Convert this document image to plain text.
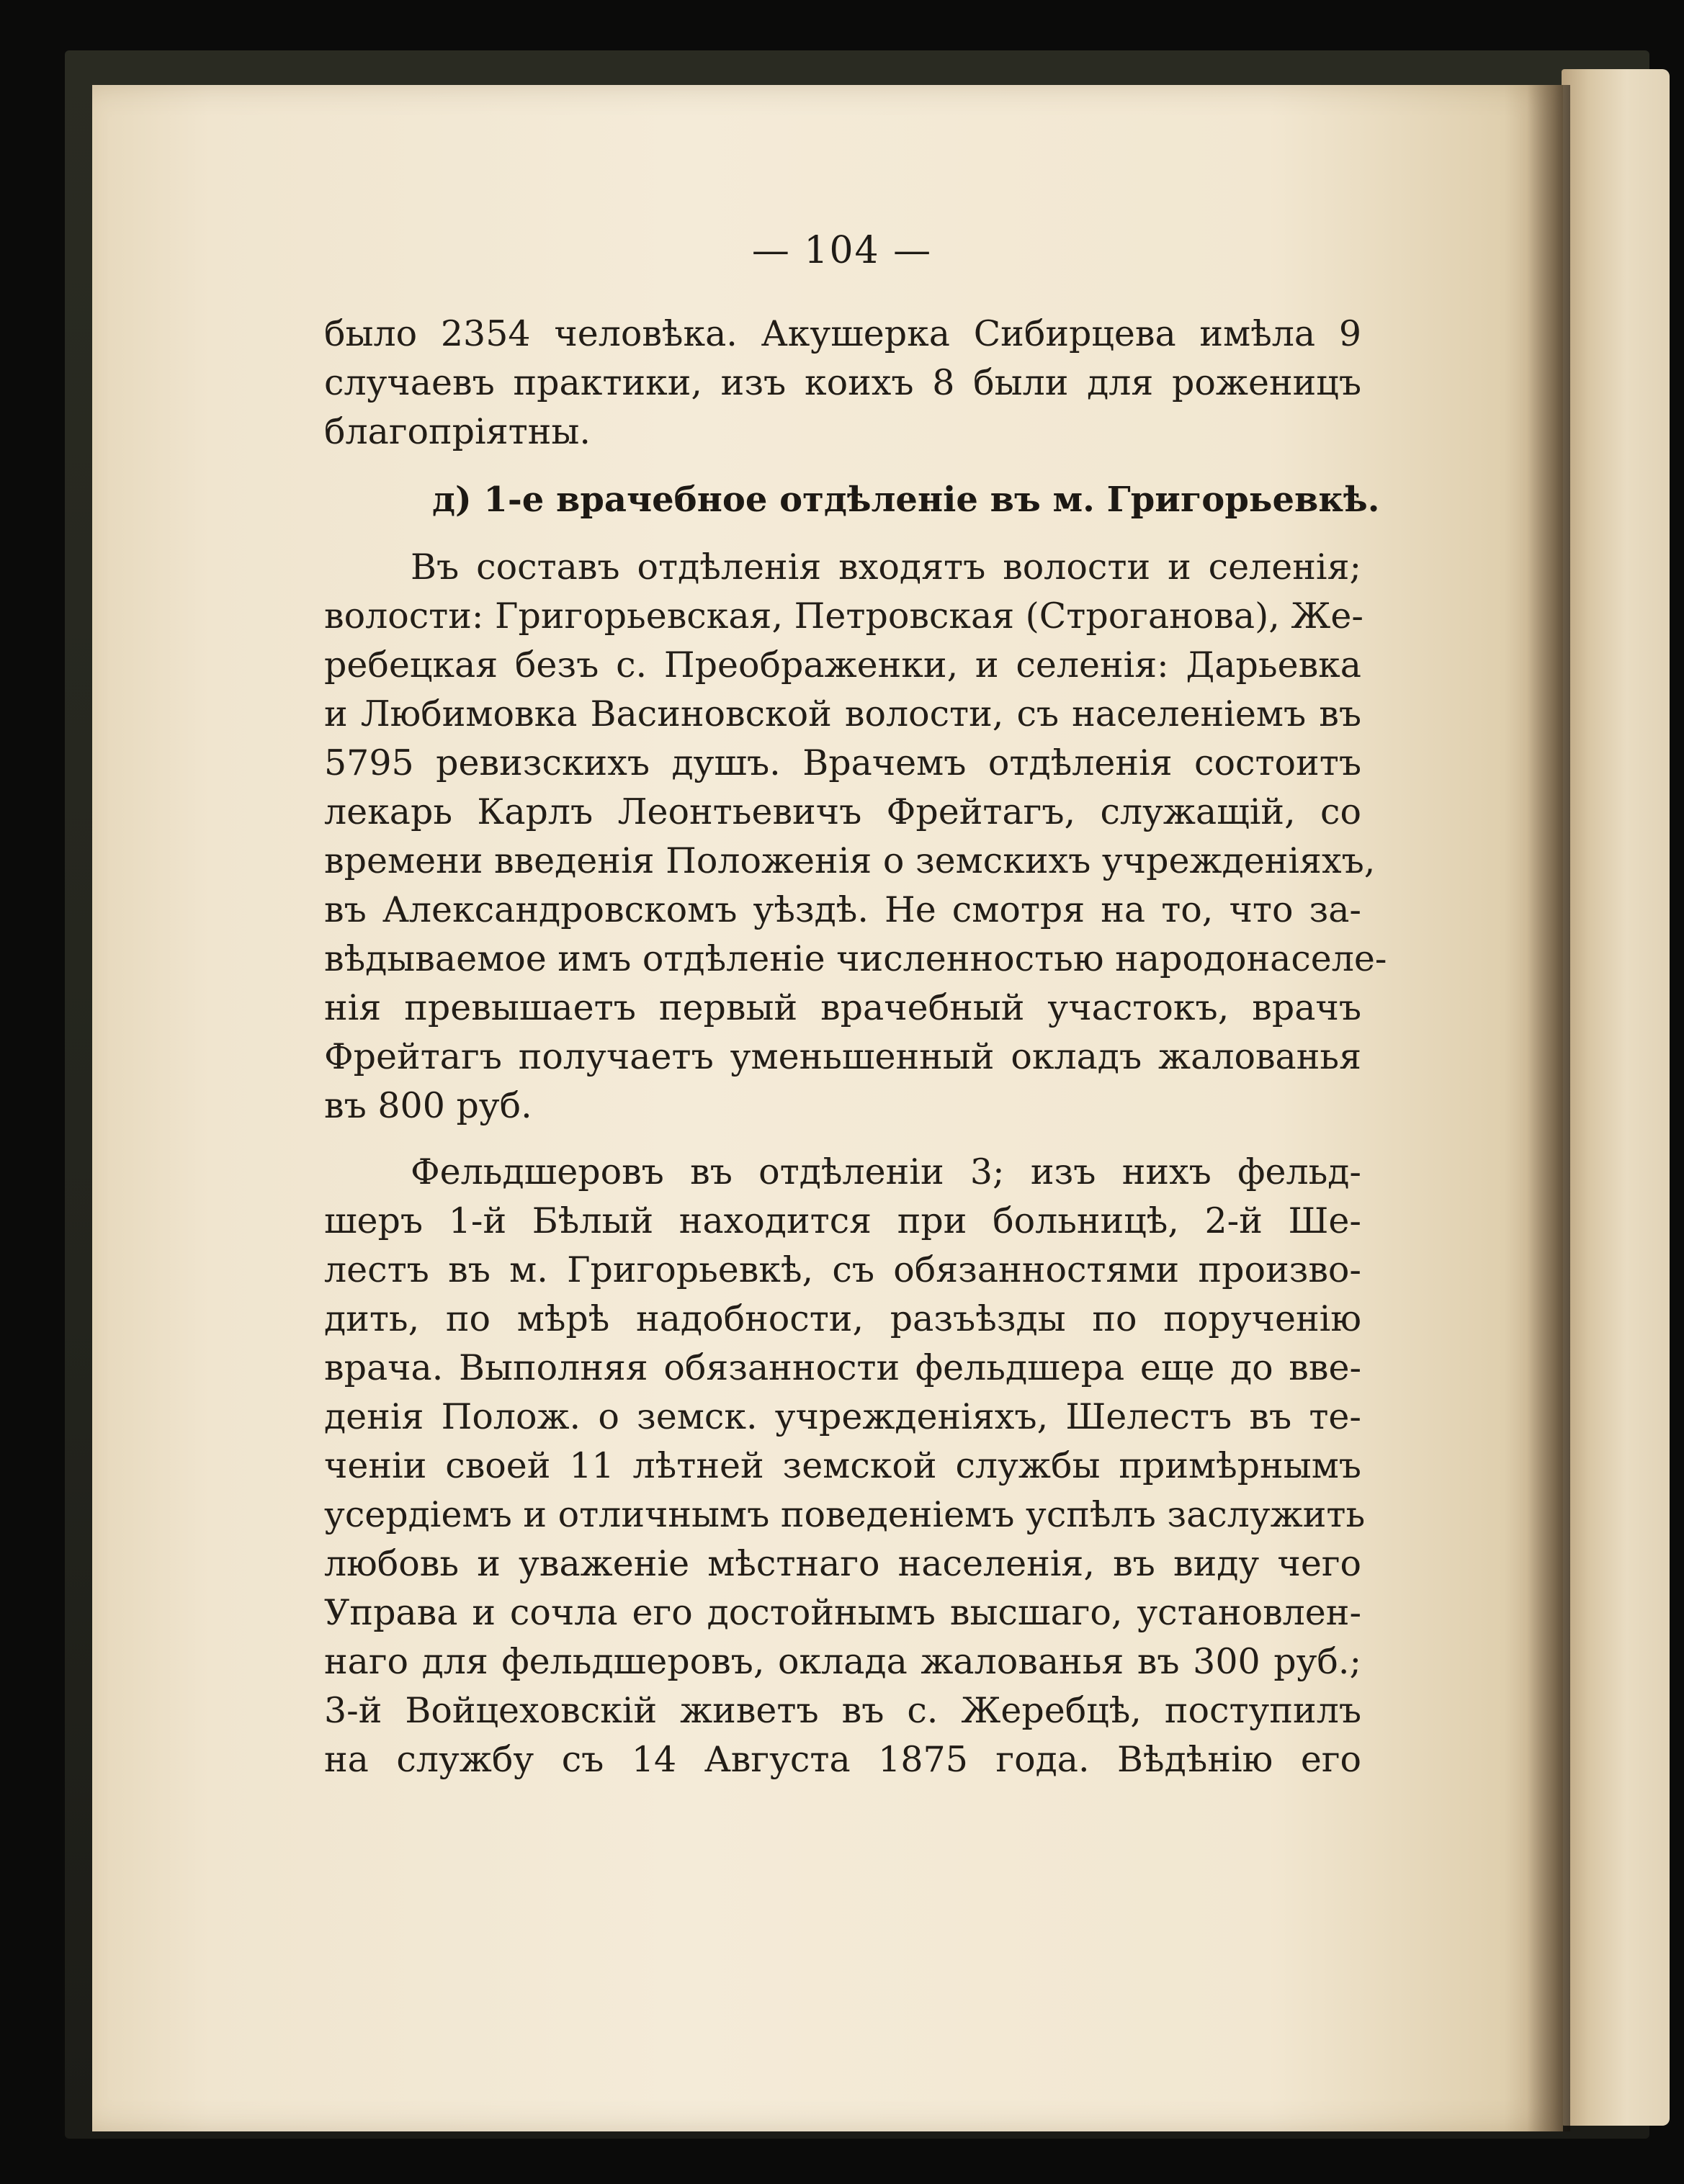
— 104 —
было 2354 человѣка. Акушерка Сибирцева имѣла 9
случаевъ практики, изъ коихъ 8 были для роженицъ
благопріятны.
д) 1-е врачебное отдѣленіе въ м. Григорьевкѣ.
Въ составъ отдѣленія входятъ волости и селенія;
волости: Григорьевская, Петровская (Строганова), Же-
ребецкая безъ с. Преображенки, и селенія: Дарьевка
и Любимовка Васиновской волости, съ населеніемъ въ
5795 ревизскихъ душъ. Врачемъ отдѣленія состоитъ
лекарь Карлъ Леонтьевичъ Фрейтагъ, служащій, со
времени введенія Положенія о земскихъ учрежденіяхъ,
въ Александровскомъ уѣздѣ. Не смотря на то, что за-
вѣдываемое имъ отдѣленіе численностью народонаселе-
нія превышаетъ первый врачебный участокъ, врачъ
Фрейтагъ получаетъ уменьшенный окладъ жалованья
въ 800 руб.
Фельдшеровъ въ отдѣленіи 3; изъ нихъ фельд-
шеръ 1-й Бѣлый находится при больницѣ, 2-й Ше-
лестъ въ м. Григорьевкѣ, съ обязанностями произво-
дить, по мѣрѣ надобности, разъѣзды по порученію
врача. Выполняя обязанности фельдшера еще до вве-
денія Полож. о земск. учрежденіяхъ, Шелестъ въ те-
ченіи своей 11 лѣтней земской службы примѣрнымъ
усердіемъ и отличнымъ поведеніемъ успѣлъ заслужить
любовь и уваженіе мѣстнаго населенія, въ виду чего
Управа и сочла его достойнымъ высшаго, установлен-
наго для фельдшеровъ, оклада жалованья въ 300 руб.;
3-й Войцеховскій живетъ въ с. Жеребцѣ, поступилъ
на службу съ 14 Августа 1875 года. Вѣдѣнію его
